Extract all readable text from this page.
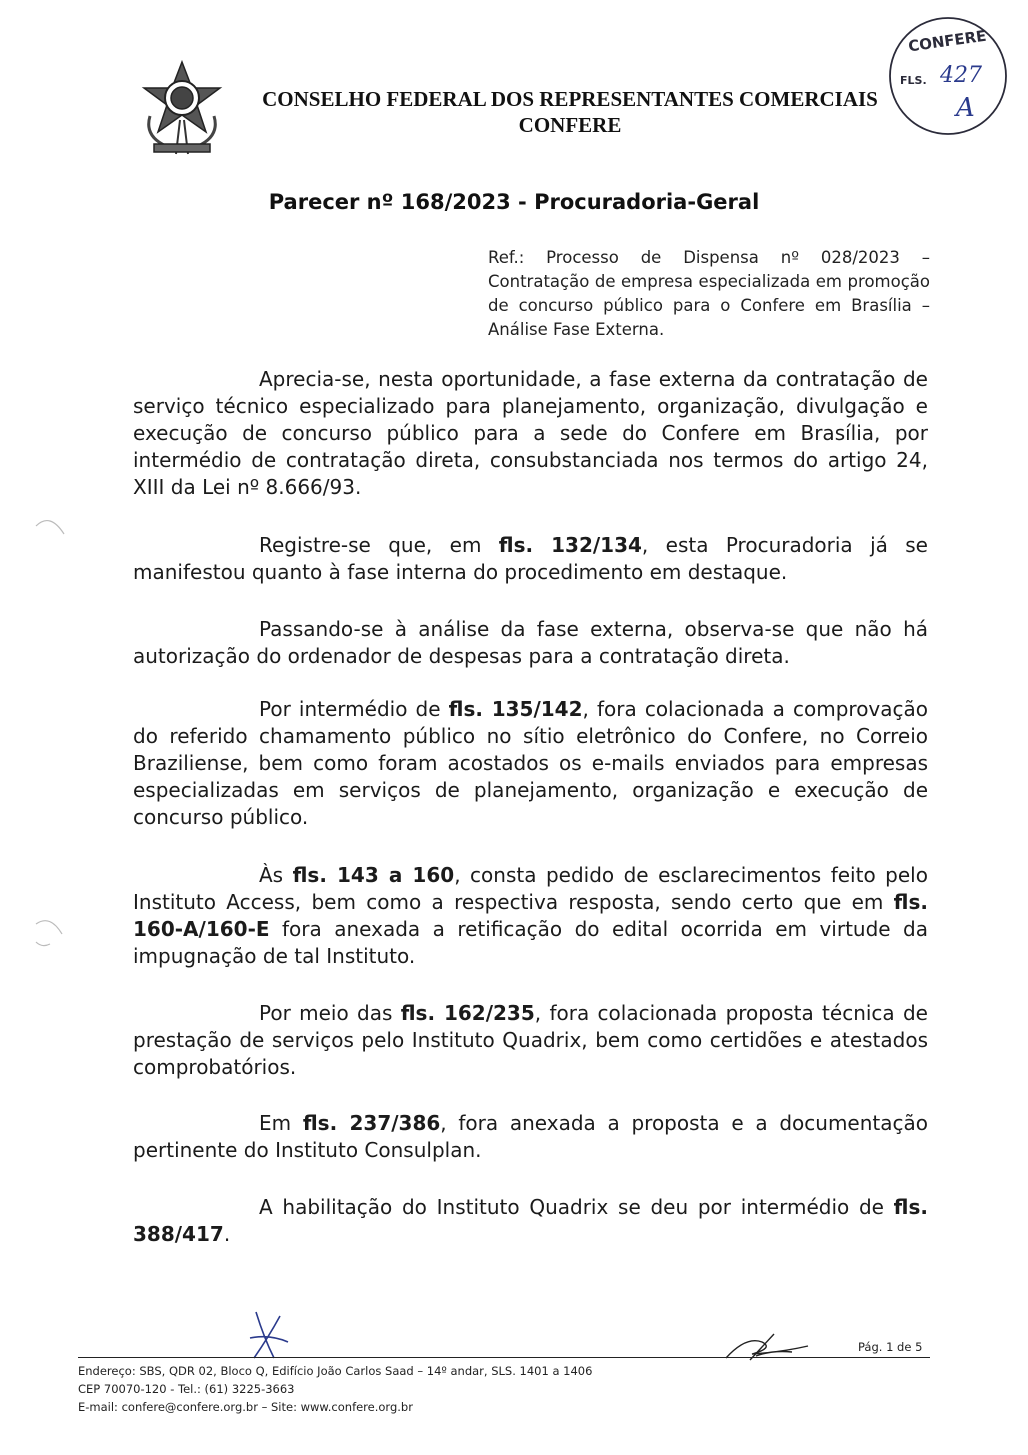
CONSELHO FEDERAL DOS REPRESENTANTES COMERCIAIS
CONFERE
CONFERE
FLS. 427
A
Parecer nº 168/2023 - Procuradoria-Geral
Ref.: Processo de Dispensa nº 028/2023 – Contratação de empresa especializada em promoção de concurso público para o Confere em Brasília – Análise Fase Externa.
Aprecia-se, nesta oportunidade, a fase externa da contratação de serviço técnico especializado para planejamento, organização, divulgação e execução de concurso público para a sede do Confere em Brasília, por intermédio de contratação direta, consubstanciada nos termos do artigo 24, XIII da Lei nº 8.666/93.
Registre-se que, em fls. 132/134, esta Procuradoria já se manifestou quanto à fase interna do procedimento em destaque.
Passando-se à análise da fase externa, observa-se que não há autorização do ordenador de despesas para a contratação direta.
Por intermédio de fls. 135/142, fora colacionada a comprovação do referido chamamento público no sítio eletrônico do Confere, no Correio Braziliense, bem como foram acostados os e-mails enviados para empresas especializadas em serviços de planejamento, organização e execução de concurso público.
Às fls. 143 a 160, consta pedido de esclarecimentos feito pelo Instituto Access, bem como a respectiva resposta, sendo certo que em fls. 160-A/160-E fora anexada a retificação do edital ocorrida em virtude da impugnação de tal Instituto.
Por meio das fls. 162/235, fora colacionada proposta técnica de prestação de serviços pelo Instituto Quadrix, bem como certidões e atestados comprobatórios.
Em fls. 237/386, fora anexada a proposta e a documentação pertinente do Instituto Consulplan.
A habilitação do Instituto Quadrix se deu por intermédio de fls. 388/417.
Pág. 1 de 5
Endereço: SBS, QDR 02, Bloco Q, Edifício João Carlos Saad – 14º andar, SLS. 1401 a 1406
CEP 70070-120 - Tel.: (61) 3225-3663
E-mail: confere@confere.org.br – Site: www.confere.org.br
